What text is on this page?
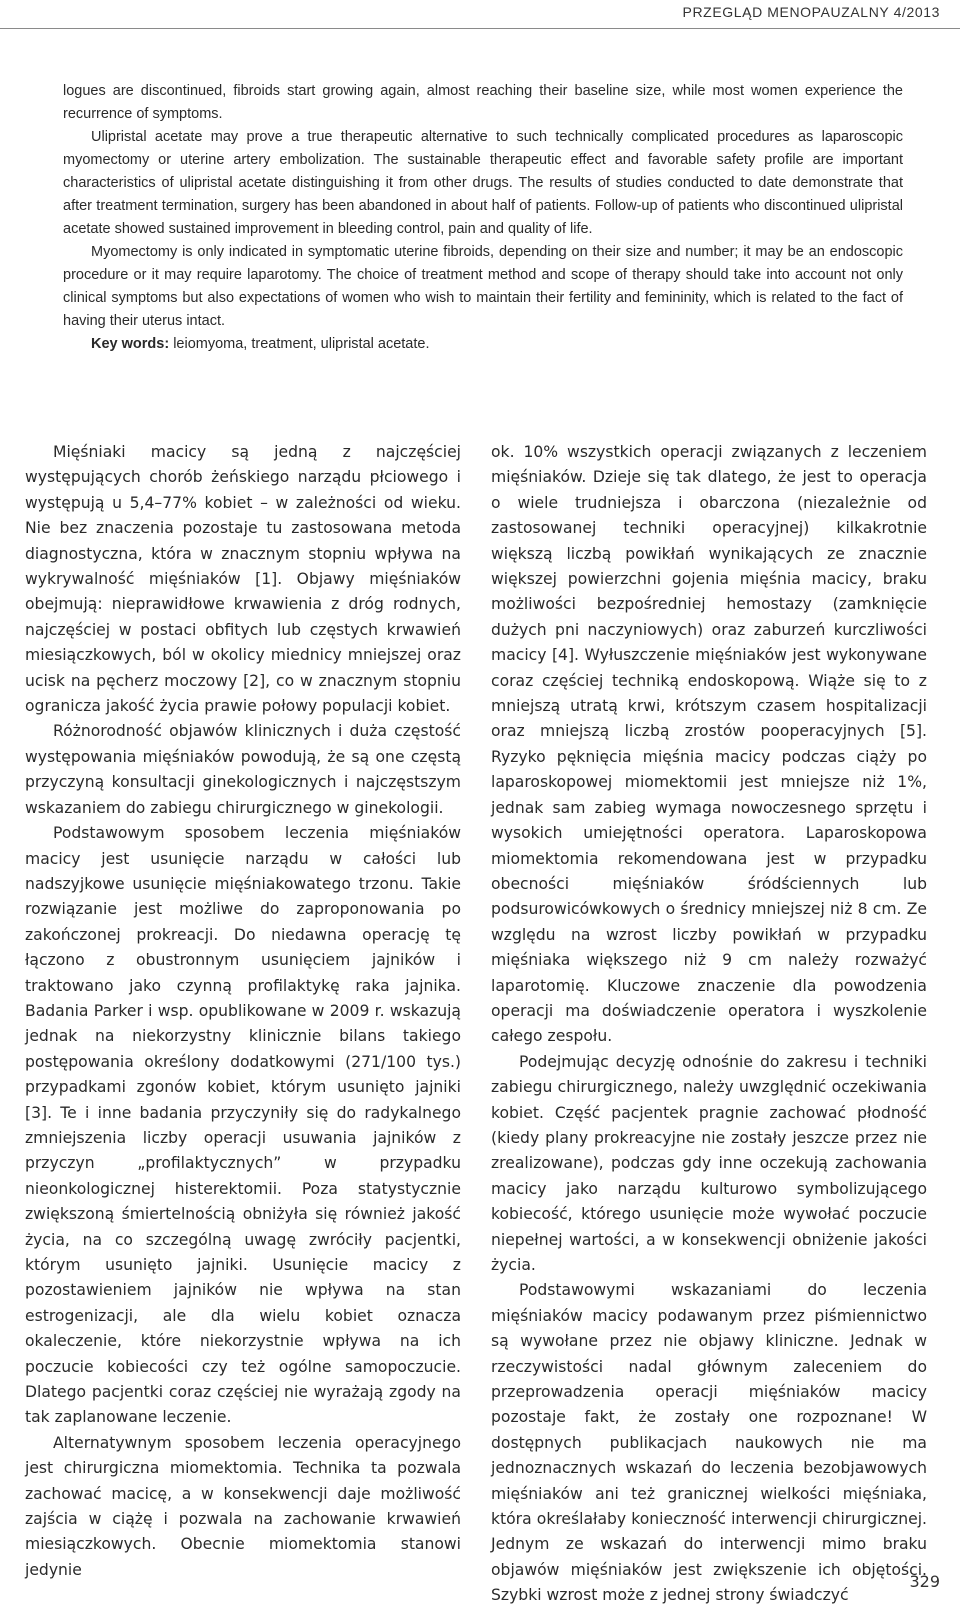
PRZEGLĄD MENOPAUZALNY 4/2013

logues are discontinued, fibroids start growing again, almost reaching their baseline size, while most women experience the recurrence of symptoms.

Ulipristal acetate may prove a true therapeutic alternative to such technically complicated procedures as laparoscopic myomectomy or uterine artery embolization. The sustainable therapeutic effect and favorable safety profile are important characteristics of ulipristal acetate distinguishing it from other drugs. The results of studies conducted to date demonstrate that after treatment termination, surgery has been abandoned in about half of patients. Follow-up of patients who discontinued ulipristal acetate showed sustained improvement in bleeding control, pain and quality of life.

Myomectomy is only indicated in symptomatic uterine fibroids, depending on their size and number; it may be an endoscopic procedure or it may require laparotomy. The choice of treatment method and scope of therapy should take into account not only clinical symptoms but also expectations of women who wish to maintain their fertility and femininity, which is related to the fact of having their uterus intact.

Key words: leiomyoma, treatment, ulipristal acetate.

Mięśniaki macicy są jedną z najczęściej występujących chorób żeńskiego narządu płciowego i występują u 5,4–77% kobiet – w zależności od wieku. Nie bez znaczenia pozostaje tu zastosowana metoda diagnostyczna, która w znacznym stopniu wpływa na wykrywalność mięśniaków [1]. Objawy mięśniaków obejmują: nieprawidłowe krwawienia z dróg rodnych, najczęściej w postaci obfitych lub częstych krwawień miesiączkowych, ból w okolicy miednicy mniejszej oraz ucisk na pęcherz moczowy [2], co w znacznym stopniu ogranicza jakość życia prawie połowy populacji kobiet.

Różnorodność objawów klinicznych i duża częstość występowania mięśniaków powodują, że są one częstą przyczyną konsultacji ginekologicznych i najczęstszym wskazaniem do zabiegu chirurgicznego w ginekologii.

Podstawowym sposobem leczenia mięśniaków macicy jest usunięcie narządu w całości lub nadszyjkowe usunięcie mięśniakowatego trzonu. Takie rozwiązanie jest możliwe do zaproponowania po zakończonej prokreacji. Do niedawna operację tę łączono z obustronnym usunięciem jajników i traktowano jako czynną profilaktykę raka jajnika. Badania Parker i wsp. opublikowane w 2009 r. wskazują jednak na niekorzystny klinicznie bilans takiego postępowania określony dodatkowymi (271/100 tys.) przypadkami zgonów kobiet, którym usunięto jajniki [3]. Te i inne badania przyczyniły się do radykalnego zmniejszenia liczby operacji usuwania jajników z przyczyn „profilaktycznych” w przypadku nieonkologicznej histerektomii. Poza statystycznie zwiększoną śmiertelnością obniżyła się również jakość życia, na co szczególną uwagę zwróciły pacjentki, którym usunięto jajniki. Usunięcie macicy z pozostawieniem jajników nie wpływa na stan estrogenizacji, ale dla wielu kobiet oznacza okaleczenie, które niekorzystnie wpływa na ich poczucie kobiecości czy też ogólne samopoczucie. Dlatego pacjentki coraz częściej nie wyrażają zgody na tak zaplanowane leczenie.

Alternatywnym sposobem leczenia operacyjnego jest chirurgiczna miomektomia. Technika ta pozwala zachować macicę, a w konsekwencji daje możliwość zajścia w ciążę i pozwala na zachowanie krwawień miesiączkowych. Obecnie miomektomia stanowi jedynie

ok. 10% wszystkich operacji związanych z leczeniem mięśniaków. Dzieje się tak dlatego, że jest to operacja o wiele trudniejsza i obarczona (niezależnie od zastosowanej techniki operacyjnej) kilkakrotnie większą liczbą powikłań wynikających ze znacznie większej powierzchni gojenia mięśnia macicy, braku możliwości bezpośredniej hemostazy (zamknięcie dużych pni naczyniowych) oraz zaburzeń kurczliwości macicy [4]. Wyłuszczenie mięśniaków jest wykonywane coraz częściej techniką endoskopową. Wiąże się to z mniejszą utratą krwi, krótszym czasem hospitalizacji oraz mniejszą liczbą zrostów pooperacyjnych [5]. Ryzyko pęknięcia mięśnia macicy podczas ciąży po laparoskopowej miomektomii jest mniejsze niż 1%, jednak sam zabieg wymaga nowoczesnego sprzętu i wysokich umiejętności operatora. Laparoskopowa miomektomia rekomendowana jest w przypadku obecności mięśniaków śródściennych lub podsurowicówkowych o średnicy mniejszej niż 8 cm. Ze względu na wzrost liczby powikłań w przypadku mięśniaka większego niż 9 cm należy rozważyć laparotomię. Kluczowe znaczenie dla powodzenia operacji ma doświadczenie operatora i wyszkolenie całego zespołu.

Podejmując decyzję odnośnie do zakresu i techniki zabiegu chirurgicznego, należy uwzględnić oczekiwania kobiet. Część pacjentek pragnie zachować płodność (kiedy plany prokreacyjne nie zostały jeszcze przez nie zrealizowane), podczas gdy inne oczekują zachowania macicy jako narządu kulturowo symbolizującego kobiecość, którego usunięcie może wywołać poczucie niepełnej wartości, a w konsekwencji obniżenie jakości życia.

Podstawowymi wskazaniami do leczenia mięśniaków macicy podawanym przez piśmiennictwo są wywołane przez nie objawy kliniczne. Jednak w rzeczywistości nadal głównym zaleceniem do przeprowadzenia operacji mięśniaków macicy pozostaje fakt, że zostały one rozpoznane! W dostępnych publikacjach naukowych nie ma jednoznacznych wskazań do leczenia bezobjawowych mięśniaków ani też granicznej wielkości mięśniaka, która określałaby konieczność interwencji chirurgicznej. Jednym ze wskazań do interwencji mimo braku objawów mięśniaków jest zwiększenie ich objętości. Szybki wzrost może z jednej strony świadczyć

329
